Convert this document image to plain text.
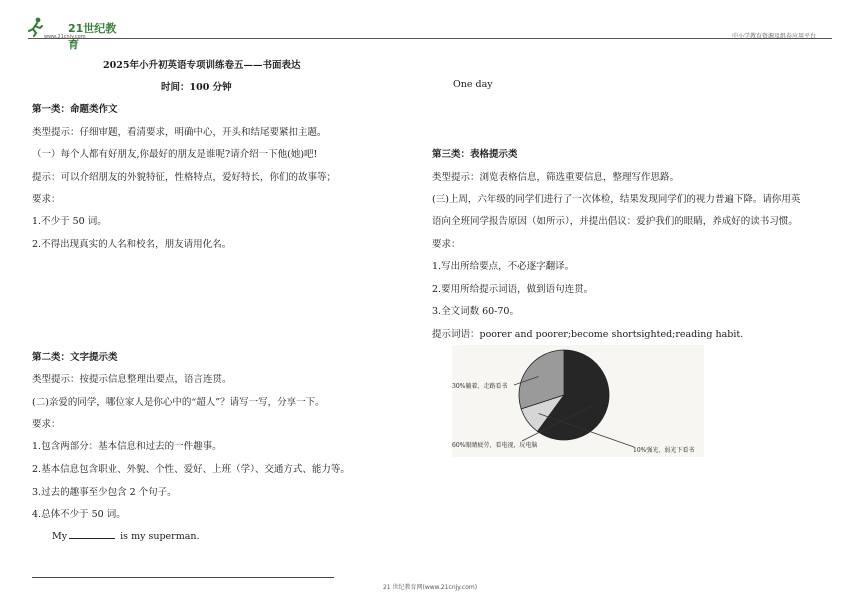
21世纪教育
www.21cnjy.com	中小学教育资源及组卷应用平台
2025年小升初英语专项训练卷五——书面表达
时间：100 分钟	One day
第一类：命题类作文
类型提示：仔细审题，看清要求，明确中心，开头和结尾要紧扣主题。
（一）每个人都有好朋友,你最好的朋友是谁呢?请介绍一下他(她)吧!
提示：可以介绍朋友的外貌特征，性格特点，爱好特长，你们的故事等；
要求：
1.不少于 50 词。
2.不得出现真实的人名和校名，朋友请用化名。
第二类：文字提示类
类型提示：按提示信息整理出要点，语言连贯。
(二)亲爱的同学，哪位家人是你心中的“超人”？请写一写，分享一下。
要求：
1.包含两部分：基本信息和过去的一件趣事。
2.基本信息包含职业、外貌、个性、爱好、上班（学）、交通方式、能力等。
3.过去的趣事至少包含 2 个句子。
4.总体不少于 50 词。
My	is my superman.
第三类：表格提示类
类型提示：浏览表格信息，筛选重要信息，整理写作思路。
(三)上周，六年级的同学们进行了一次体检，结果发现同学们的视力普遍下降。请你用英
语向全班同学报告原因（如所示），并提出倡议：爱护我们的眼睛，养成好的读书习惯。
要求：
1.写出所给要点，不必逐字翻译。
2.要用所给提示词语，做到语句连贯。
3.全文词数 60-70。
提示词语：poorer and poorer;become shortsighted;reading habit.
30%躺着、走路看书
60%眼睛疲劳，看电视，玩电脑
10%强光、弱光下看书
21 世纪教育网(www.21cnjy.com)
